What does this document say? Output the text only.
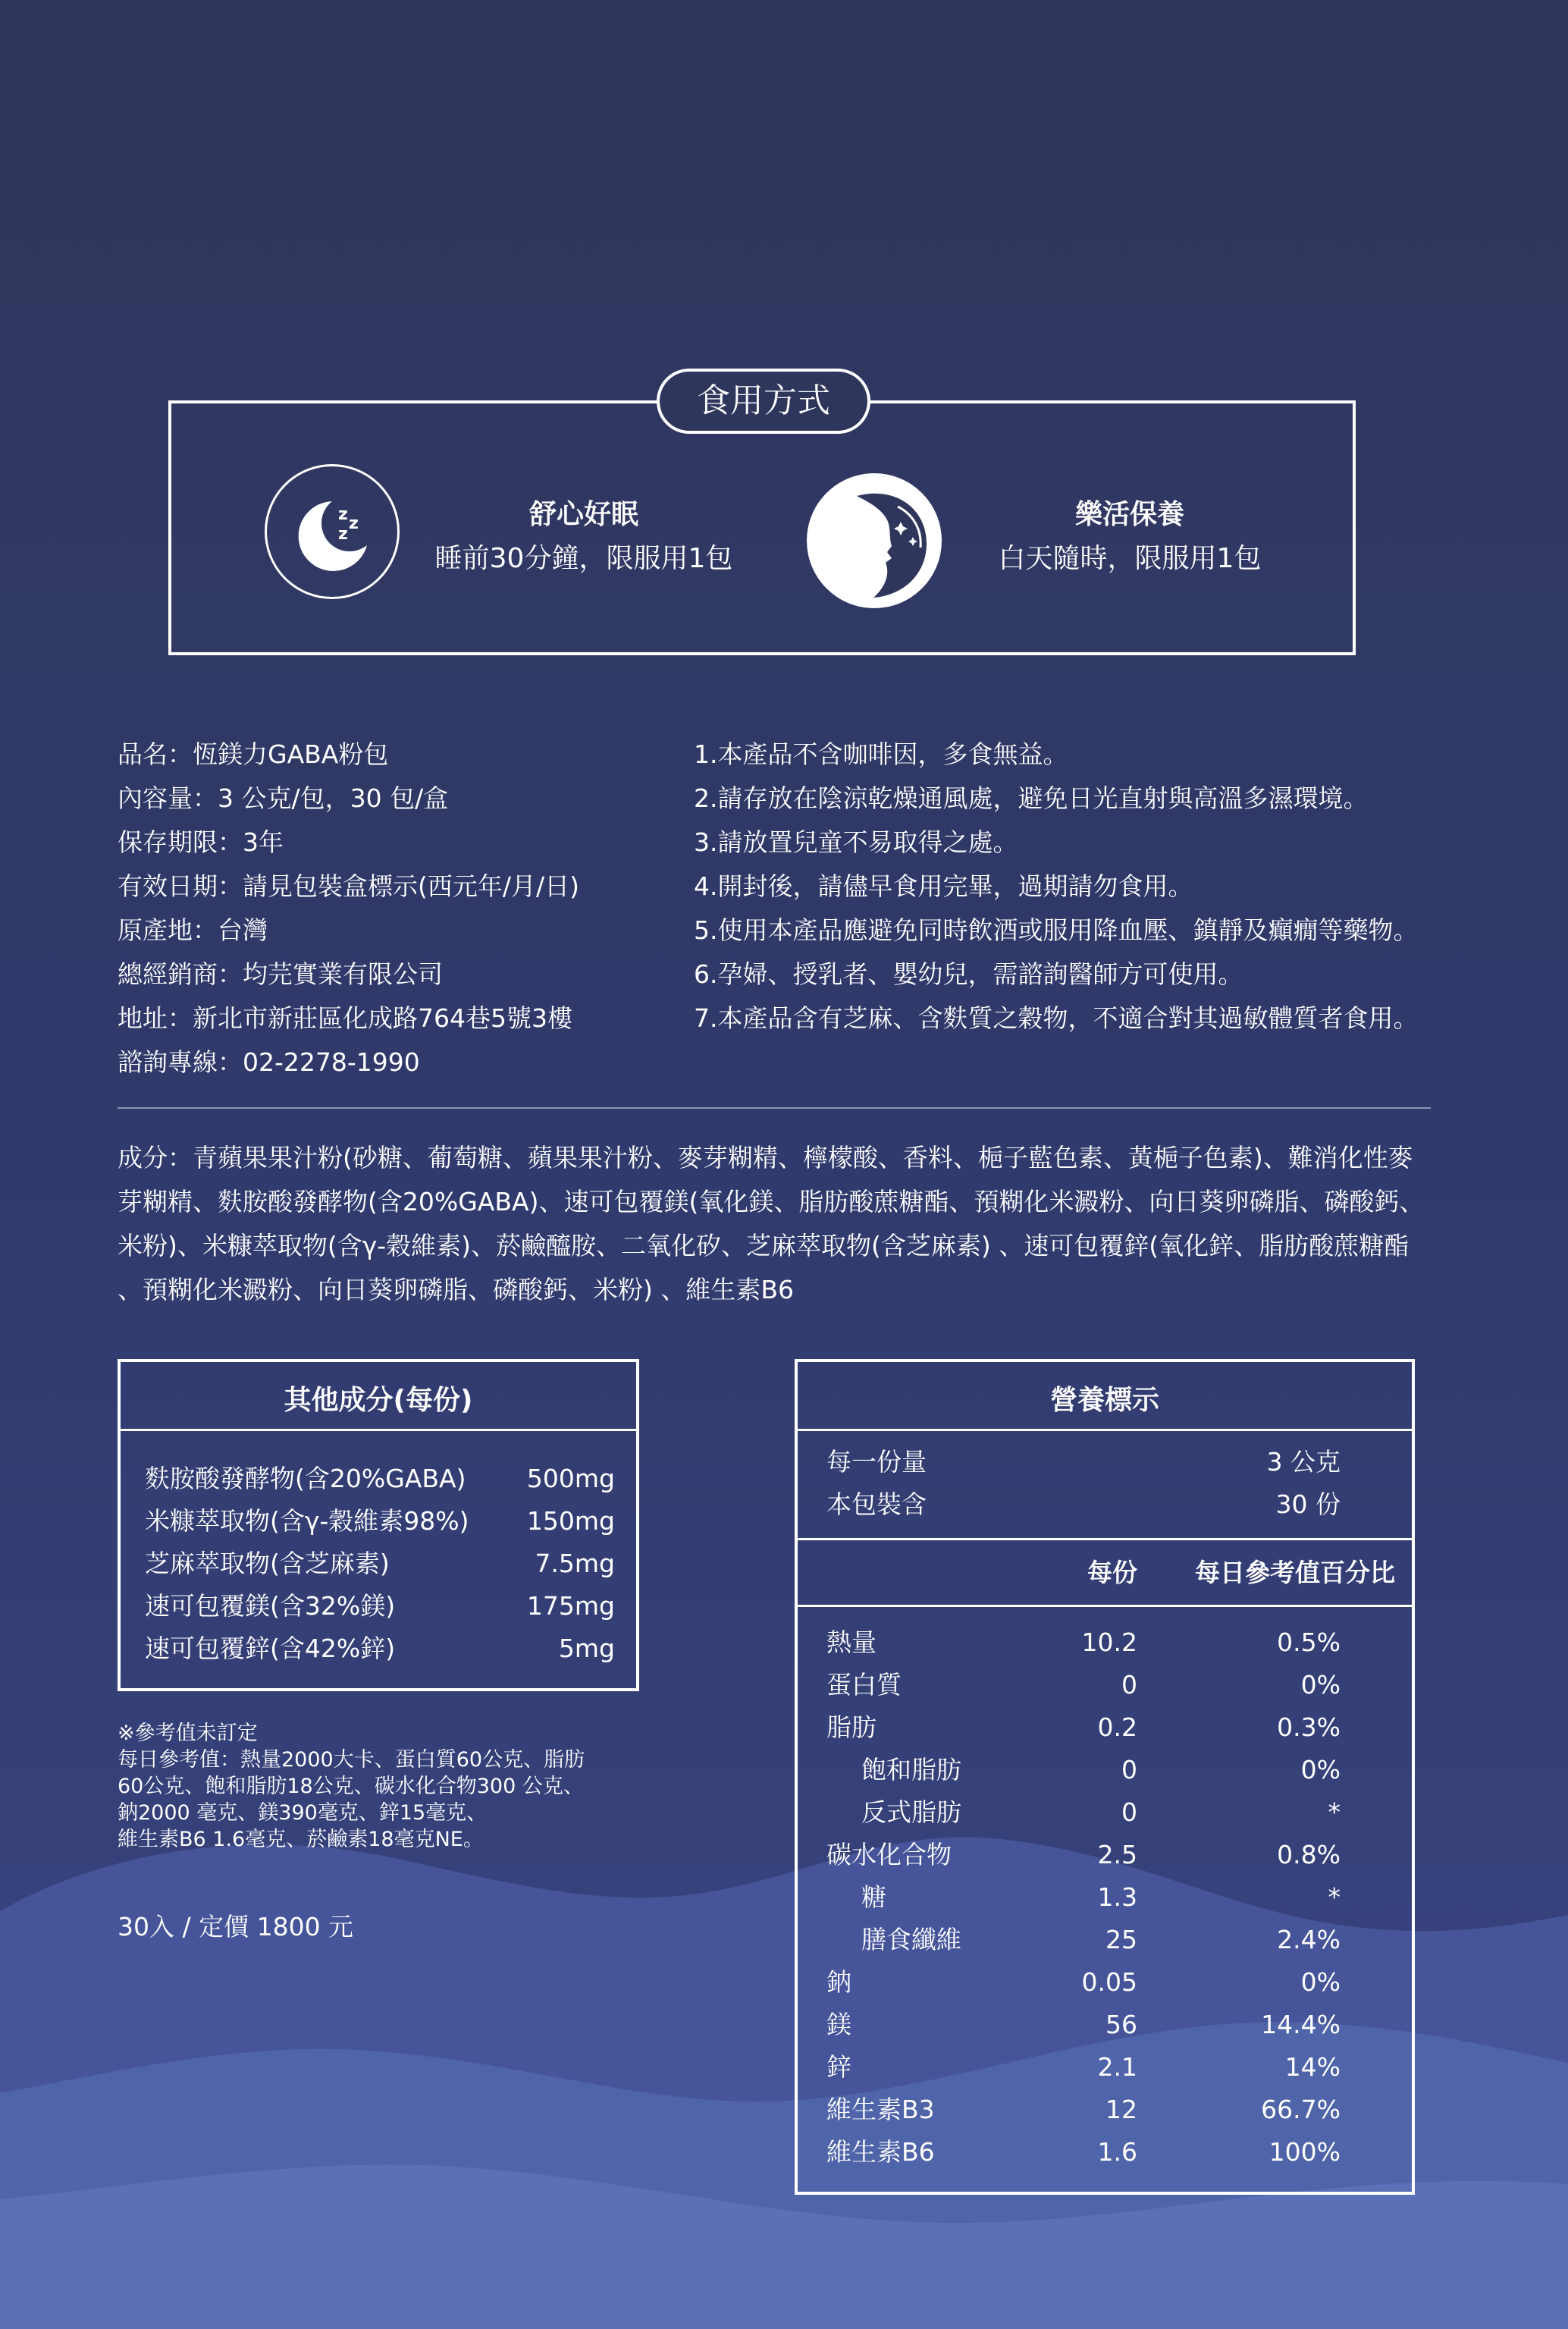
食用方式
z z
z
舒心好眠
睡前30分鐘，限服用1包
樂活保養
白天隨時，限服用1包
品名：恆鎂力GABA粉包
內容量：3 公克/包，30 包/盒
保存期限：3年
有效日期：請見包裝盒標示(西元年/月/日)
原產地：台灣
總經銷商：均芫實業有限公司
地址：新北市新莊區化成路764巷5號3樓
諮詢專線：02-2278-1990
1.本產品不含咖啡因，多食無益。
2.請存放在陰涼乾燥通風處，避免日光直射與高溫多濕環境。
3.請放置兒童不易取得之處。
4.開封後，請儘早食用完畢，過期請勿食用。
5.使用本產品應避免同時飲酒或服用降血壓、鎮靜及癲癇等藥物。
6.孕婦、授乳者、嬰幼兒，需諮詢醫師方可使用。
7.本產品含有芝麻、含麩質之穀物，不適合對其過敏體質者食用。
成分：青蘋果果汁粉(砂糖、葡萄糖、蘋果果汁粉、麥芽糊精、檸檬酸、香料、梔子藍色素、黃梔子色素)、難消化性麥
芽糊精、麩胺酸發酵物(含20%GABA)、速可包覆鎂(氧化鎂、脂肪酸蔗糖酯、預糊化米澱粉、向日葵卵磷脂、磷酸鈣、
米粉)、米糠萃取物(含γ-穀維素)、菸鹼醯胺、二氧化矽、芝麻萃取物(含芝麻素) 、速可包覆鋅(氧化鋅、脂肪酸蔗糖酯
、預糊化米澱粉、向日葵卵磷脂、磷酸鈣、米粉) 、維生素B6
其他成分(每份)
麩胺酸發酵物(含20%GABA) 500mg
米糠萃取物(含γ-穀維素98%) 150mg
芝麻萃取物(含芝麻素)	7.5mg
速可包覆鎂(含32%鎂)	175mg
速可包覆鋅(含42%鋅)	5mg
※參考值未訂定
每日參考值：熱量2000大卡、蛋白質60公克、脂肪
60公克、飽和脂肪18公克、碳水化合物300 公克、
鈉2000 毫克、鎂390毫克、鋅15毫克、
維生素B6 1.6毫克、菸鹼素18毫克NE。
30入 / 定價 1800 元
營養標示
每一份量	3 公克
本包裝含	30 份
每份 每日參考值百分比
熱量	10.2	0.5%
蛋白質	0	0%
脂肪	0.2	0.3%
飽和脂肪	0	0%
反式脂肪	0	*
碳水化合物	2.5	0.8%
糖	1.3	*
膳食纖維	25	2.4%
鈉	0.05	0%
鎂	56	14.4%
鋅	2.1	14%
維生素B3	12	66.7%
維生素B6	1.6	100%
